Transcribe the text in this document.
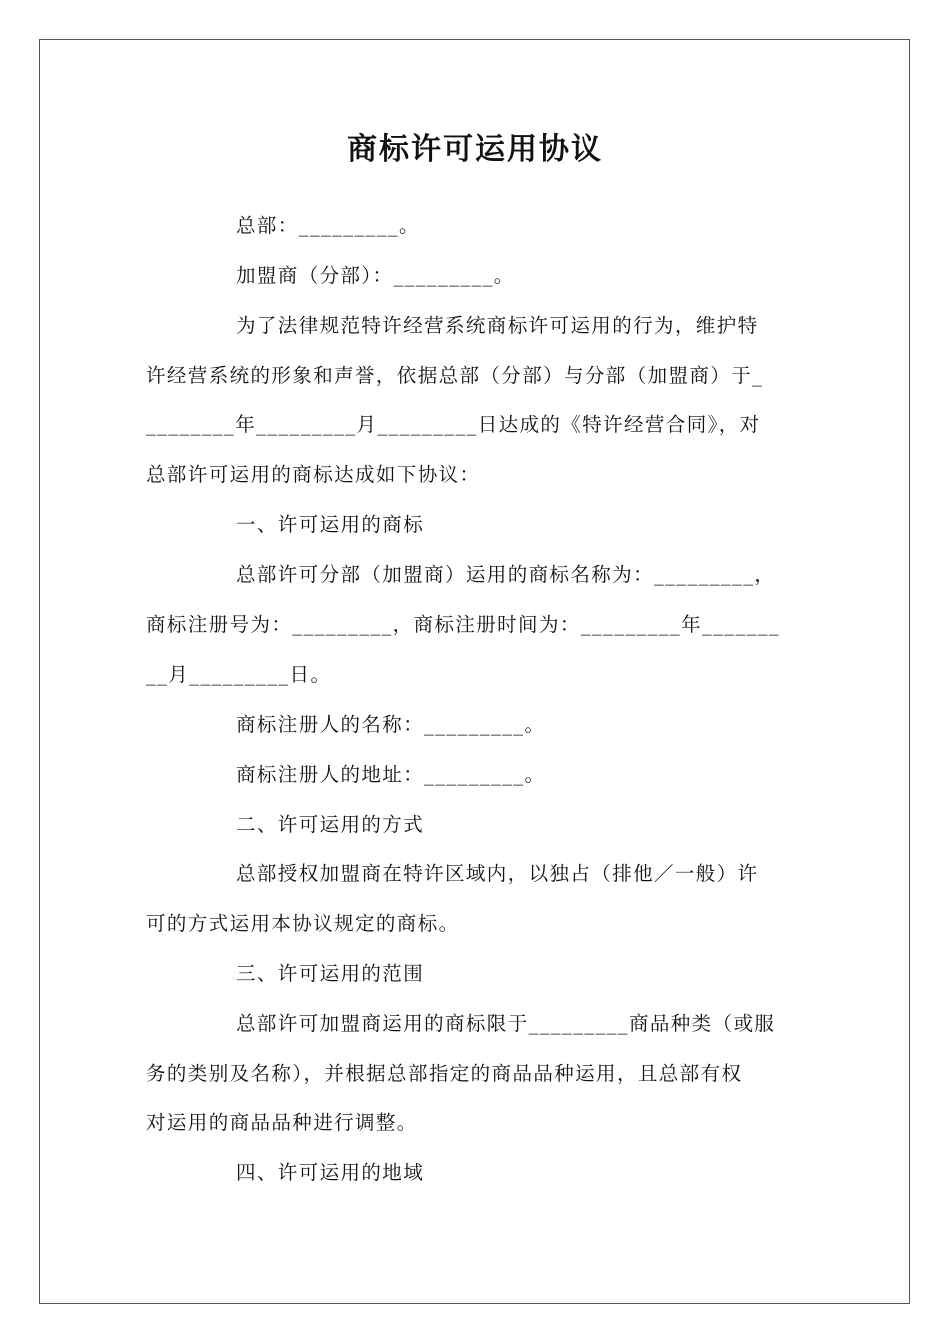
商标许可运用协议
总部：_________。
加盟商（分部）：_________。
为了法律规范特许经营系统商标许可运用的行为，维护特
许经营系统的形象和声誉，依据总部（分部）与分部（加盟商）于_
________年_________月_________日达成的《特许经营合同》，对
总部许可运用的商标达成如下协议：
一、许可运用的商标
总部许可分部（加盟商）运用的商标名称为：_________，
商标注册号为：_________，商标注册时间为：_________年_______
__月_________日。
商标注册人的名称：_________。
商标注册人的地址：_________。
二、许可运用的方式
总部授权加盟商在特许区域内，以独占（排他／一般）许
可的方式运用本协议规定的商标。
三、许可运用的范围
总部许可加盟商运用的商标限于_________商品种类（或服
务的类别及名称），并根据总部指定的商品品种运用，且总部有权
对运用的商品品种进行调整。
四、许可运用的地域
